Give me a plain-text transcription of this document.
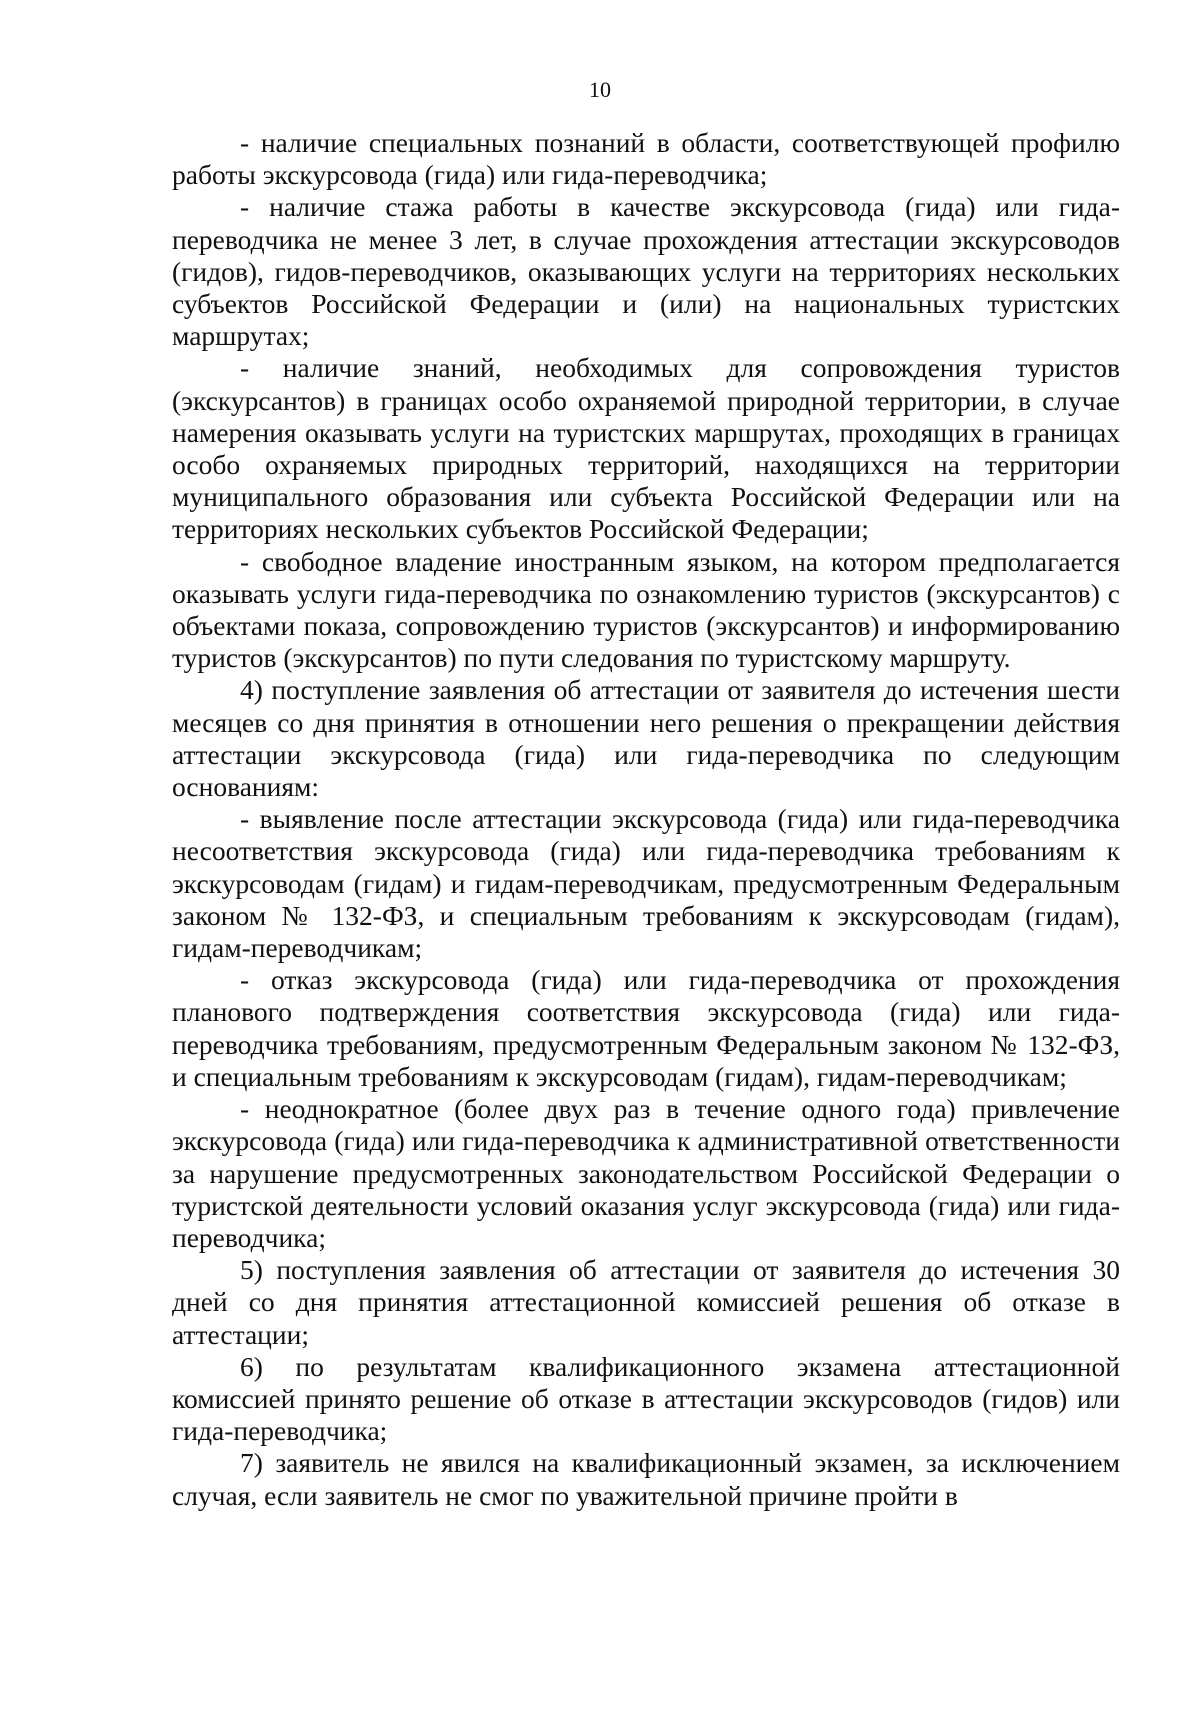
10

- наличие специальных познаний в области, соответствующей профилю работы экскурсовода (гида) или гида-переводчика;

- наличие стажа работы в качестве экскурсовода (гида) или гида-переводчика не менее 3 лет, в случае прохождения аттестации экскурсоводов (гидов), гидов-переводчиков, оказывающих услуги на территориях нескольких субъектов Российской Федерации и (или) на национальных туристских маршрутах;

- наличие знаний, необходимых для сопровождения туристов (экскурсантов) в границах особо охраняемой природной территории, в случае намерения оказывать услуги на туристских маршрутах, проходящих в границах особо охраняемых природных территорий, находящихся на территории муниципального образования или субъекта Российской Федерации или на территориях нескольких субъектов Российской Федерации;

- свободное владение иностранным языком, на котором предполагается оказывать услуги гида-переводчика по ознакомлению туристов (экскурсантов) с объектами показа, сопровождению туристов (экскурсантов) и информированию туристов (экскурсантов) по пути следования по туристскому маршруту.

4) поступление заявления об аттестации от заявителя до истечения шести месяцев со дня принятия в отношении него решения о прекращении действия аттестации экскурсовода (гида) или гида-переводчика по следующим основаниям:

- выявление после аттестации экскурсовода (гида) или гида-переводчика несоответствия экскурсовода (гида) или гида-переводчика требованиям к экскурсоводам (гидам) и гидам-переводчикам, предусмотренным Федеральным законом № 132-ФЗ, и специальным требованиям к экскурсоводам (гидам), гидам-переводчикам;

- отказ экскурсовода (гида) или гида-переводчика от прохождения планового подтверждения соответствия экскурсовода (гида) или гида-переводчика требованиям, предусмотренным Федеральным законом № 132-ФЗ, и специальным требованиям к экскурсоводам (гидам), гидам-переводчикам;

- неоднократное (более двух раз в течение одного года) привлечение экскурсовода (гида) или гида-переводчика к административной ответственности за нарушение предусмотренных законодательством Российской Федерации о туристской деятельности условий оказания услуг экскурсовода (гида) или гида-переводчика;

5) поступления заявления об аттестации от заявителя до истечения 30 дней со дня принятия аттестационной комиссией решения об отказе в аттестации;

6) по результатам квалификационного экзамена аттестационной комиссией принято решение об отказе в аттестации экскурсоводов (гидов) или гида-переводчика;

7) заявитель не явился на квалификационный экзамен, за исключением случая, если заявитель не смог по уважительной причине пройти в
